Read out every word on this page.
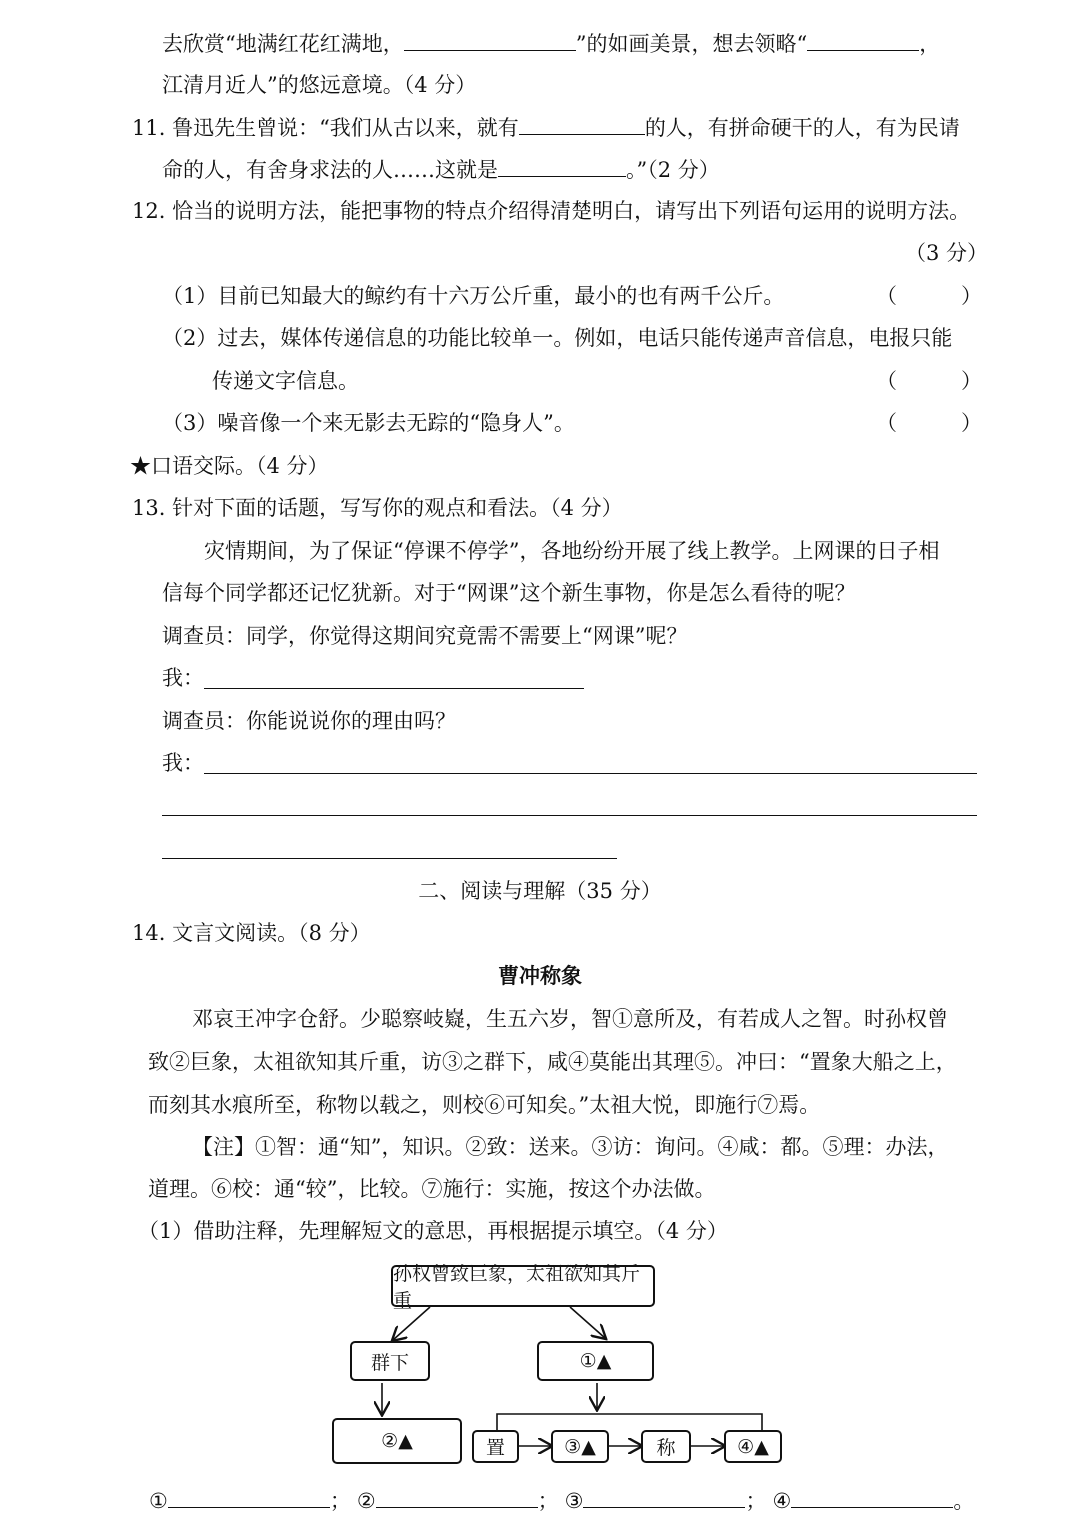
去欣赏“地满红花红满地，	”的如画美景，想去领略“	，
江清月近人”的悠远意境。（4 分）
11. 鲁迅先生曾说：“我们从古以来，就有	的人，有拼命硬干的人，有为民请
命的人，有舍身求法的人……这就是	。”（2 分）
12. 恰当的说明方法，能把事物的特点介绍得清楚明白，请写出下列语句运用的说明方法。
（3 分）
（1）目前已知最大的鲸约有十六万公斤重，最小的也有两千公斤。	（	）
（2）过去，媒体传递信息的功能比较单一。例如，电话只能传递声音信息，电报只能
传递文字信息。	（	）
（3）噪音像一个来无影去无踪的“隐身人”。	（	）
★口语交际。（4 分）
13. 针对下面的话题，写写你的观点和看法。（4 分）
灾情期间，为了保证“停课不停学”，各地纷纷开展了线上教学。上网课的日子相
信每个同学都还记忆犹新。对于“网课”这个新生事物，你是怎么看待的呢？
调查员：同学，你觉得这期间究竟需不需要上“网课”呢？
我：
调查员：你能说说你的理由吗？
我：
二、阅读与理解（35 分）
14. 文言文阅读。（8 分）
曹冲称象
邓哀王冲字仓舒。少聪察岐嶷，生五六岁，智①意所及，有若成人之智。时孙权曾
致②巨象，太祖欲知其斤重，访③之群下，咸④莫能出其理⑤。冲曰：“置象大船之上，
而刻其水痕所至，称物以载之，则校⑥可知矣。”太祖大悦，即施行⑦焉。
【注】①智：通“知”，知识。②致：送来。③访：询问。④咸：都。⑤理：办法，
道理。⑥校：通“较”，比较。⑦施行：实施，按这个办法做。
（1）借助注释，先理解短文的意思，再根据提示填空。（4 分）
孙权曾致巨象，太祖欲知其斤重
群下	①▲
②▲	置	③▲	称	④▲
①	； ②	； ③	； ④	。
